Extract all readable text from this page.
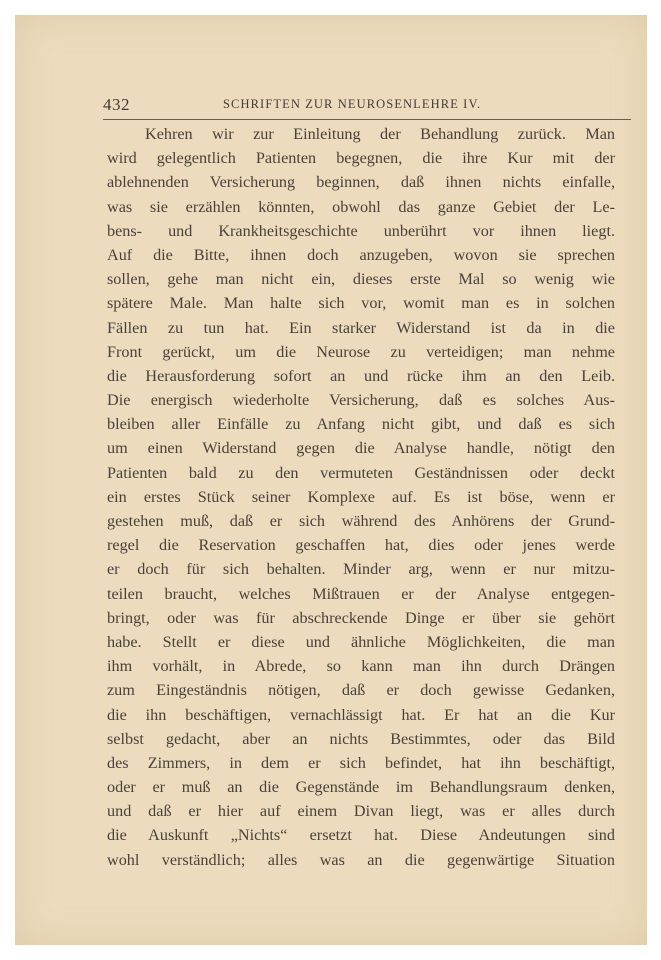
432	SCHRIFTEN ZUR NEUROSENLEHRE IV.
Kehren wir zur Einleitung der Behandlung zurück. Man
wird gelegentlich Patienten begegnen, die ihre Kur mit der
ablehnenden Versicherung beginnen, daß ihnen nichts einfalle,
was sie erzählen könnten, obwohl das ganze Gebiet der Le-
bens- und Krankheitsgeschichte unberührt vor ihnen liegt.
Auf die Bitte, ihnen doch anzugeben, wovon sie sprechen
sollen, gehe man nicht ein, dieses erste Mal so wenig wie
spätere Male. Man halte sich vor, womit man es in solchen
Fällen zu tun hat. Ein starker Widerstand ist da in die
Front gerückt, um die Neurose zu verteidigen; man nehme
die Herausforderung sofort an und rücke ihm an den Leib.
Die energisch wiederholte Versicherung, daß es solches Aus-
bleiben aller Einfälle zu Anfang nicht gibt, und daß es sich
um einen Widerstand gegen die Analyse handle, nötigt den
Patienten bald zu den vermuteten Geständnissen oder deckt
ein erstes Stück seiner Komplexe auf. Es ist böse, wenn er
gestehen muß, daß er sich während des Anhörens der Grund-
regel die Reservation geschaffen hat, dies oder jenes werde
er doch für sich behalten. Minder arg, wenn er nur mitzu-
teilen braucht, welches Mißtrauen er der Analyse entgegen-
bringt, oder was für abschreckende Dinge er über sie gehört
habe. Stellt er diese und ähnliche Möglichkeiten, die man
ihm vorhält, in Abrede, so kann man ihn durch Drängen
zum Eingeständnis nötigen, daß er doch gewisse Gedanken,
die ihn beschäftigen, vernachlässigt hat. Er hat an die Kur
selbst gedacht, aber an nichts Bestimmtes, oder das Bild
des Zimmers, in dem er sich befindet, hat ihn beschäftigt,
oder er muß an die Gegenstände im Behandlungsraum denken,
und daß er hier auf einem Divan liegt, was er alles durch
die Auskunft „Nichts“ ersetzt hat. Diese Andeutungen sind
wohl verständlich; alles was an die gegenwärtige Situation
